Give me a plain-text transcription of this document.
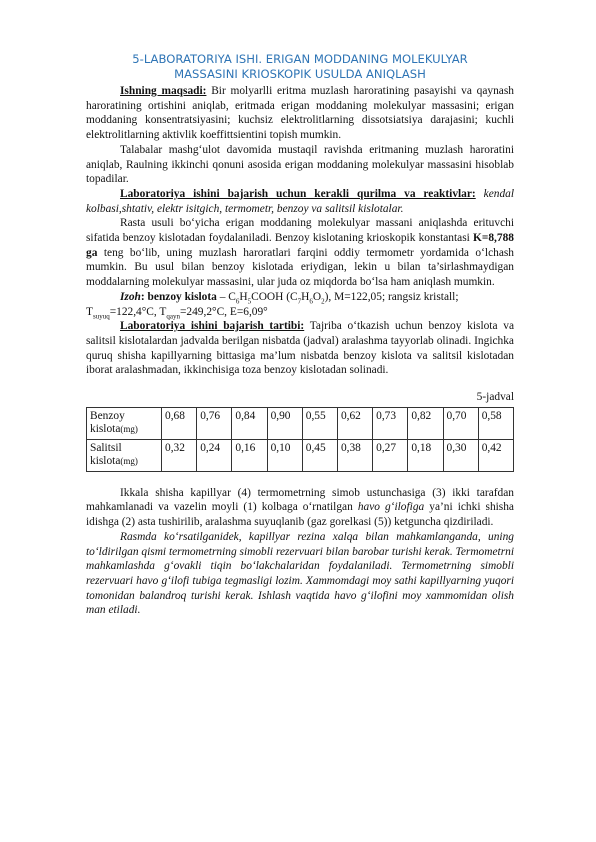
5-LABORATORIYA ISHI. ERIGAN MODDANING MOLEKULYAR
MASSASINI KRIOSKOPIK USULDA ANIQLASH

Ishning maqsadi: Bir molyarlli eritma muzlash haroratining pasayishi va qaynash haroratining ortishini aniqlab, eritmada erigan moddaning molekulyar massasini; erigan moddaning konsentratsiyasini; kuchsiz elektrolitlarning dissotsiatsiya darajasini; kuchli elektrolitlarning aktivlik koeffittsientini topish mumkin.

Talabalar mashg‘ulot davomida mustaqil ravishda eritmaning muzlash haroratini aniqlab, Raulning ikkinchi qonuni asosida erigan moddaning molekulyar massasini hisoblab topadilar.

Laboratoriya ishini bajarish uchun kerakli qurilma va reaktivlar: kendal kolbasi,shtativ, elektr isitgich, termometr, benzoy va salitsil kislotalar.

Rasta usuli bo‘yicha erigan moddaning molekulyar massani aniqlashda erituvchi sifatida benzoy kislotadan foydalaniladi. Benzoy kislotaning krioskopik konstantasi K=8,788 ga teng bo‘lib, uning muzlash haroratlari farqini oddiy termometr yordamida o‘lchash mumkin. Bu usul bilan benzoy kislotada eriydigan, lekin u bilan ta’sirlashmaydigan moddalarning molekulyar massasini, ular juda oz miqdorda bo‘lsa ham aniqlash mumkin.

Izoh: benzoy kislota – $C_6H_5COOH$ $(C_7H_6O_2)$, M=122,05; rangsiz kristall;
$T_{suyuq}=122,4^\circ C$, $T_{qayn}=249,2^\circ C$, E=6,09°

Laboratoriya ishini bajarish tartibi: Tajriba o‘tkazish uchun benzoy kislota va salitsil kislotalardan jadvalda berilgan nisbatda (jadval) aralashma tayyorlab olinadi. Ingichka quruq shisha kapillyarning bittasiga ma’lum nisbatda benzoy kislota va salitsil kislotadan iborat aralashmadan, ikkinchisiga toza benzoy kislotadan solinadi.

5-jadval
Benzoy
kislota(mg)	0,68	0,76	0,84	0,90	0,55	0,62	0,73	0,82	0,70	0,58
Salitsil
kislota(mg)	0,32	0,24	0,16	0,10	0,45	0,38	0,27	0,18	0,30	0,42

Ikkala shisha kapillyar (4) termometrning simob ustunchasiga (3) ikki tarafdan mahkamlanadi va vazelin moyli (1) kolbaga o‘rnatilgan havo g‘ilofiga ya’ni ichki shisha idishga (2) asta tushirilib, aralashma suyuqlanib (gaz gorelkasi (5)) ketguncha qizdiriladi.

Rasmda ko‘rsatilganidek, kapillyar rezina xalqa bilan mahkamlanganda, uning to‘ldirilgan qismi termometrning simobli rezervuari bilan barobar turishi kerak. Termometrni mahkamlashda g‘ovakli tiqin bo‘lakchalaridan foydalaniladi. Termometrning simobli rezervuari havo g‘ilofi tubiga tegmasligi lozim. Xammomdagi moy sathi kapillyarning yuqori tomonidan balandroq turishi kerak. Ishlash vaqtida havo g‘ilofini moy xammomidan olish man etiladi.
